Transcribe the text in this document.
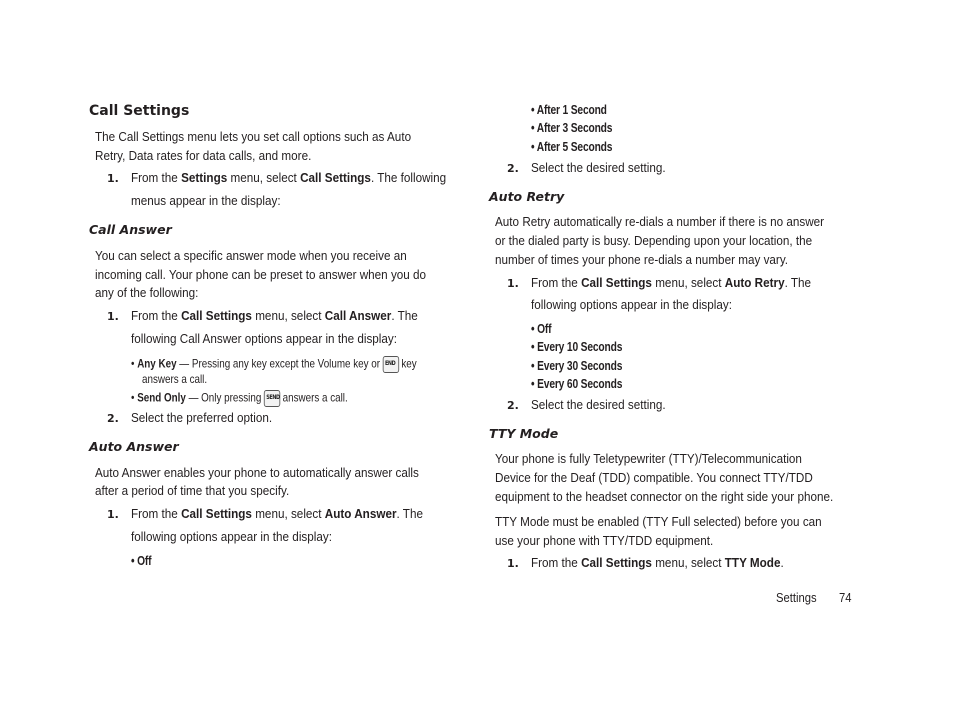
Call Settings
The Call Settings menu lets you set call options such as Auto
Retry, Data rates for data calls, and more.
1. From the Settings menu, select Call Settings. The following
menus appear in the display:
Call Answer
You can select a specific answer mode when you receive an
incoming call. Your phone can be preset to answer when you do
any of the following:
1. From the Call Settings menu, select Call Answer. The
following Call Answer options appear in the display:
• Any Key — Pressing any key except the Volume key or END key
answers a call.
• Send Only — Only pressing SEND answers a call.
2. Select the preferred option.
Auto Answer
Auto Answer enables your phone to automatically answer calls
after a period of time that you specify.
1. From the Call Settings menu, select Auto Answer. The
following options appear in the display:
• Off
• After 1 Second
• After 3 Seconds
• After 5 Seconds
2. Select the desired setting.
Auto Retry
Auto Retry automatically re-dials a number if there is no answer
or the dialed party is busy. Depending upon your location, the
number of times your phone re-dials a number may vary.
1. From the Call Settings menu, select Auto Retry. The
following options appear in the display:
• Off
• Every 10 Seconds
• Every 30 Seconds
• Every 60 Seconds
2. Select the desired setting.
TTY Mode
Your phone is fully Teletypewriter (TTY)/Telecommunication
Device for the Deaf (TDD) compatible. You connect TTY/TDD
equipment to the headset connector on the right side your phone.
TTY Mode must be enabled (TTY Full selected) before you can
use your phone with TTY/TDD equipment.
1. From the Call Settings menu, select TTY Mode.
Settings 74
